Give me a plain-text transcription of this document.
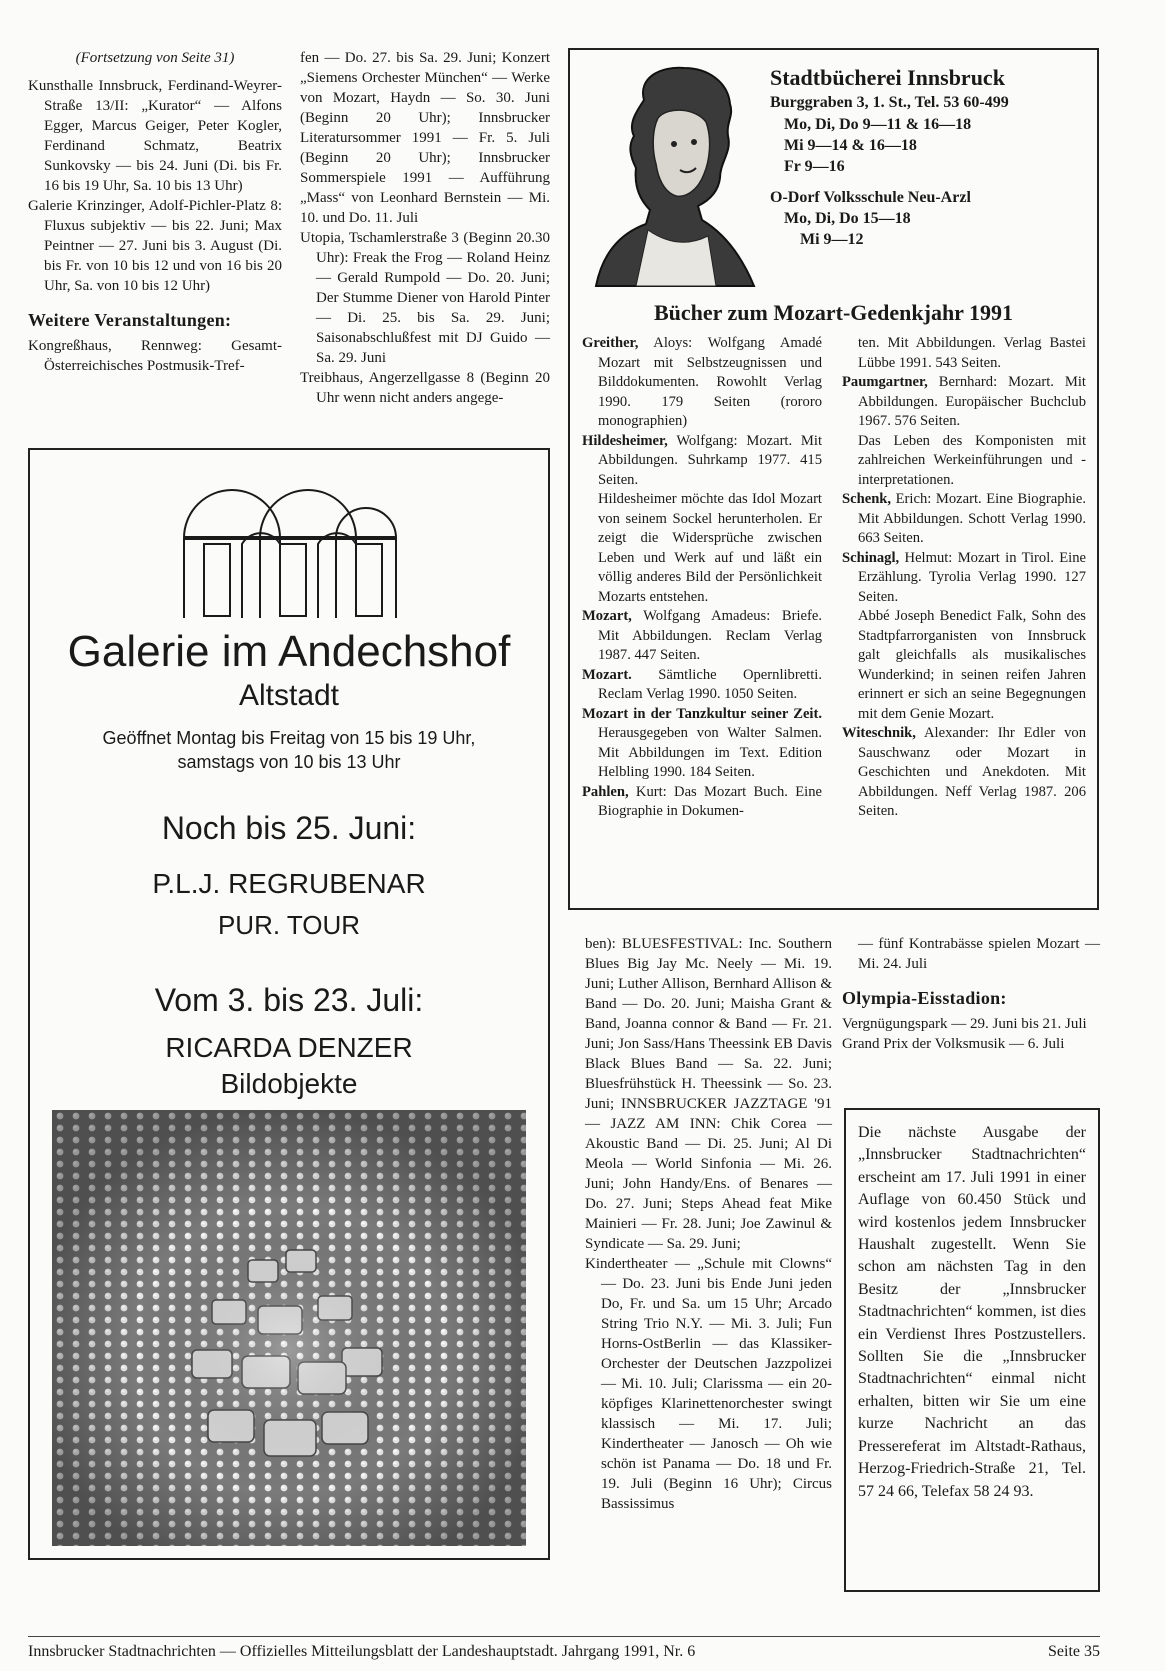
(Fortsetzung von Seite 31)

Kunsthalle Innsbruck, Ferdinand-Weyrer-Straße 13/II: „Kurator“ — Alfons Egger, Marcus Geiger, Peter Kogler, Ferdinand Schmatz, Beatrix Sunkovsky — bis 24. Juni (Di. bis Fr. 16 bis 19 Uhr, Sa. 10 bis 13 Uhr)

Galerie Krinzinger, Adolf-Pichler-Platz 8: Fluxus subjektiv — bis 22. Juni; Max Peintner — 27. Juni bis 3. August (Di. bis Fr. von 10 bis 12 und von 16 bis 20 Uhr, Sa. von 10 bis 12 Uhr)

Weitere Veranstaltungen:

Kongreßhaus, Rennweg: Gesamt-Österreichisches Postmusik-Tref-

fen — Do. 27. bis Sa. 29. Juni; Konzert „Siemens Orchester München“ — Werke von Mozart, Haydn — So. 30. Juni (Beginn 20 Uhr); Innsbrucker Literatursommer 1991 — Fr. 5. Juli (Beginn 20 Uhr); Innsbrucker Sommerspiele 1991 — Aufführung „Mass“ von Leonhard Bernstein — Mi. 10. und Do. 11. Juli

Utopia, Tschamlerstraße 3 (Beginn 20.30 Uhr): Freak the Frog — Roland Heinz — Gerald Rumpold — Do. 20. Juni; Der Stumme Diener von Harold Pinter — Di. 25. bis Sa. 29. Juni; Saisonabschlußfest mit DJ Guido — Sa. 29. Juni

Treibhaus, Angerzellgasse 8 (Beginn 20 Uhr wenn nicht anders angege-

Stadtbücherei Innsbruck
Burggraben 3, 1. St., Tel. 53 60-499
Mo, Di, Do 9—11 & 16—18
Mi 9—14 & 16—18
Fr 9—16
O-Dorf Volksschule Neu-Arzl
Mo, Di, Do 15—18
Mi 9—12
Bücher zum Mozart-Gedenkjahr 1991

Greither, Aloys: Wolfgang Amadé Mozart mit Selbstzeugnissen und Bilddokumenten. Rowohlt Verlag 1990. 179 Seiten (rororo monographien)

Hildesheimer, Wolfgang: Mozart. Mit Abbildungen. Suhrkamp 1977. 415 Seiten.

Hildesheimer möchte das Idol Mozart von seinem Sockel herunterholen. Er zeigt die Widersprüche zwischen Leben und Werk auf und läßt ein völlig anderes Bild der Persönlichkeit Mozarts entstehen.

Mozart, Wolfgang Amadeus: Briefe. Mit Abbildungen. Reclam Verlag 1987. 447 Seiten.

Mozart. Sämtliche Opernlibretti. Reclam Verlag 1990. 1050 Seiten.

Mozart in der Tanzkultur seiner Zeit. Herausgegeben von Walter Salmen. Mit Abbildungen im Text. Edition Helbling 1990. 184 Seiten.

Pahlen, Kurt: Das Mozart Buch. Eine Biographie in Dokumen-

ten. Mit Abbildungen. Verlag Bastei Lübbe 1991. 543 Seiten.

Paumgartner, Bernhard: Mozart. Mit Abbildungen. Europäischer Buchclub 1967. 576 Seiten.

Das Leben des Komponisten mit zahlreichen Werkeinführungen und -interpretationen.

Schenk, Erich: Mozart. Eine Biographie. Mit Abbildungen. Schott Verlag 1990. 663 Seiten.

Schinagl, Helmut: Mozart in Tirol. Eine Erzählung. Tyrolia Verlag 1990. 127 Seiten.

Abbé Joseph Benedict Falk, Sohn des Stadtpfarrorganisten von Innsbruck galt gleichfalls als musikalisches Wunderkind; in seinen reifen Jahren erinnert er sich an seine Begegnungen mit dem Genie Mozart.

Witeschnik, Alexander: Ihr Edler von Sauschwanz oder Mozart in Geschichten und Anekdoten. Mit Abbildungen. Neff Verlag 1987. 206 Seiten.

Galerie im Andechshof
Altstadt
Geöffnet Montag bis Freitag von 15 bis 19 Uhr,
samstags von 10 bis 13 Uhr
Noch bis 25. Juni:
P.L.J. REGRUBENAR
PUR. TOUR
Vom 3. bis 23. Juli:
RICARDA DENZER
Bildobjekte

ben): BLUESFESTIVAL: Inc. Southern Blues Big Jay Mc. Neely — Mi. 19. Juni; Luther Allison, Bernhard Allison & Band — Do. 20. Juni; Maisha Grant & Band, Joanna connor & Band — Fr. 21. Juni; Jon Sass/Hans Theessink EB Davis Black Blues Band — Sa. 22. Juni; Bluesfrühstück H. Theessink — So. 23. Juni; INNSBRUCKER JAZZTAGE '91 — JAZZ AM INN: Chik Corea — Akoustic Band — Di. 25. Juni; Al Di Meola — World Sinfonia — Mi. 26. Juni; John Handy/Ens. of Benares — Do. 27. Juni; Steps Ahead feat Mike Mainieri — Fr. 28. Juni; Joe Zawinul & Syndicate — Sa. 29. Juni;

Kindertheater — „Schule mit Clowns“ — Do. 23. Juni bis Ende Juni jeden Do, Fr. und Sa. um 15 Uhr; Arcado String Trio N.Y. — Mi. 3. Juli; Fun Horns-OstBerlin — das Klassiker-Orchester der Deutschen Jazzpolizei — Mi. 10. Juli; Clarissma — ein 20-köpfiges Klarinettenorchester swingt klassisch — Mi. 17. Juli; Kindertheater — Janosch — Oh wie schön ist Panama — Do. 18 und Fr. 19. Juli (Beginn 16 Uhr); Circus Bassissimus

— fünf Kontrabässe spielen Mozart — Mi. 24. Juli

Olympia-Eisstadion:

Vergnügungspark — 29. Juni bis 21. Juli

Grand Prix der Volksmusik — 6. Juli

Die nächste Ausgabe der „Innsbrucker Stadtnachrichten“ erscheint am 17. Juli 1991 in einer Auflage von 60.450 Stück und wird kostenlos jedem Innsbrucker Haushalt zugestellt. Wenn Sie schon am nächsten Tag in den Besitz der „Innsbrucker Stadtnachrichten“ kommen, ist dies ein Verdienst Ihres Postzustellers. Sollten Sie die „Innsbrucker Stadtnachrichten“ einmal nicht erhalten, bitten wir Sie um eine kurze Nachricht an das Pressereferat im Altstadt-Rathaus, Herzog-Friedrich-Straße 21, Tel. 57 24 66, Telefax 58 24 93.
Innsbrucker Stadtnachrichten — Offizielles Mitteilungsblatt der Landeshauptstadt. Jahrgang 1991, Nr. 6	Seite 35
